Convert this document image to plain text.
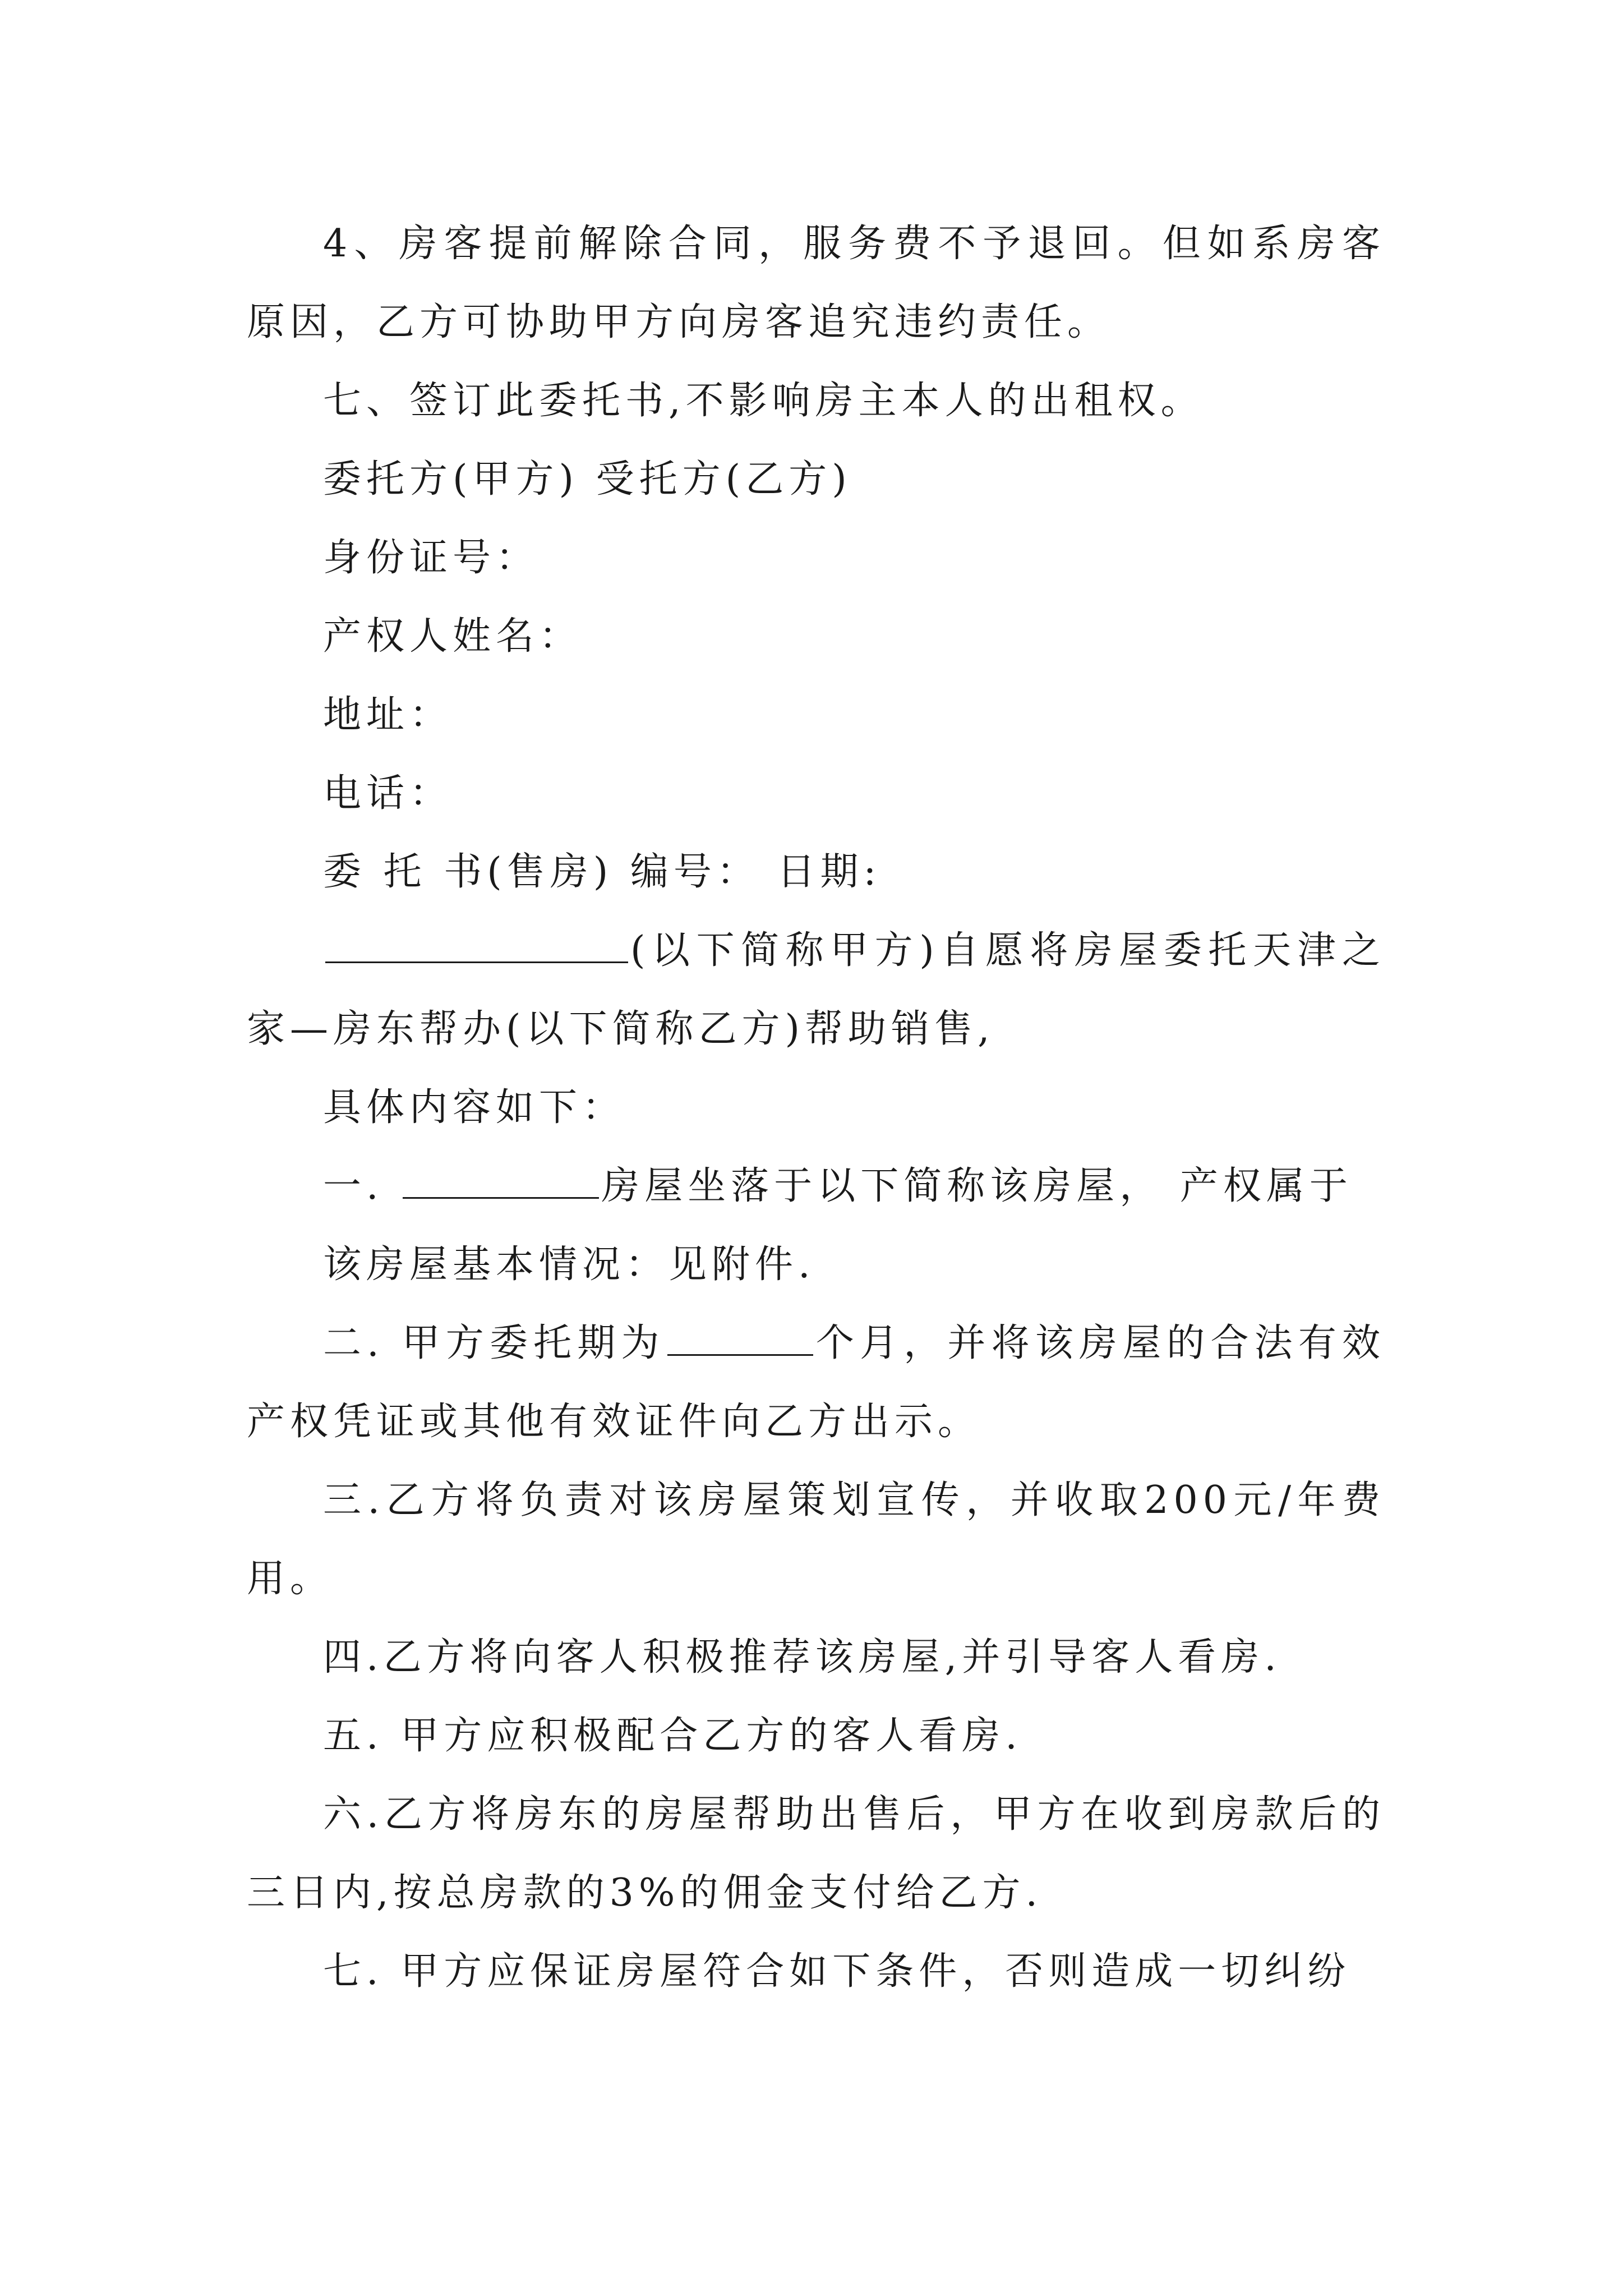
4、房客提前解除合同，服务费不予退回。但如系房客原因，乙方可协助甲方向房客追究违约责任。

七、签订此委托书,不影响房主本人的出租权。

委托方(甲方) 受托方(乙方)

身份证号：

产权人姓名：

地址：

电话：

委 托 书(售房) 编号： 日期:

(以下简称甲方)自愿将房屋委托天津之家—房东帮办(以下简称乙方)帮助销售,

具体内容如下：

一.	房屋坐落于以下简称该房屋， 产权属于

该房屋基本情况：见附件.

二. 甲方委托期为	个月，并将该房屋的合法有效产权凭证或其他有效证件向乙方出示。

三.乙方将负责对该房屋策划宣传，并收取200元/年费用。

四.乙方将向客人积极推荐该房屋,并引导客人看房.

五. 甲方应积极配合乙方的客人看房.

六.乙方将房东的房屋帮助出售后，甲方在收到房款后的三日内,按总房款的3%的佣金支付给乙方.

七. 甲方应保证房屋符合如下条件，否则造成一切纠纷
